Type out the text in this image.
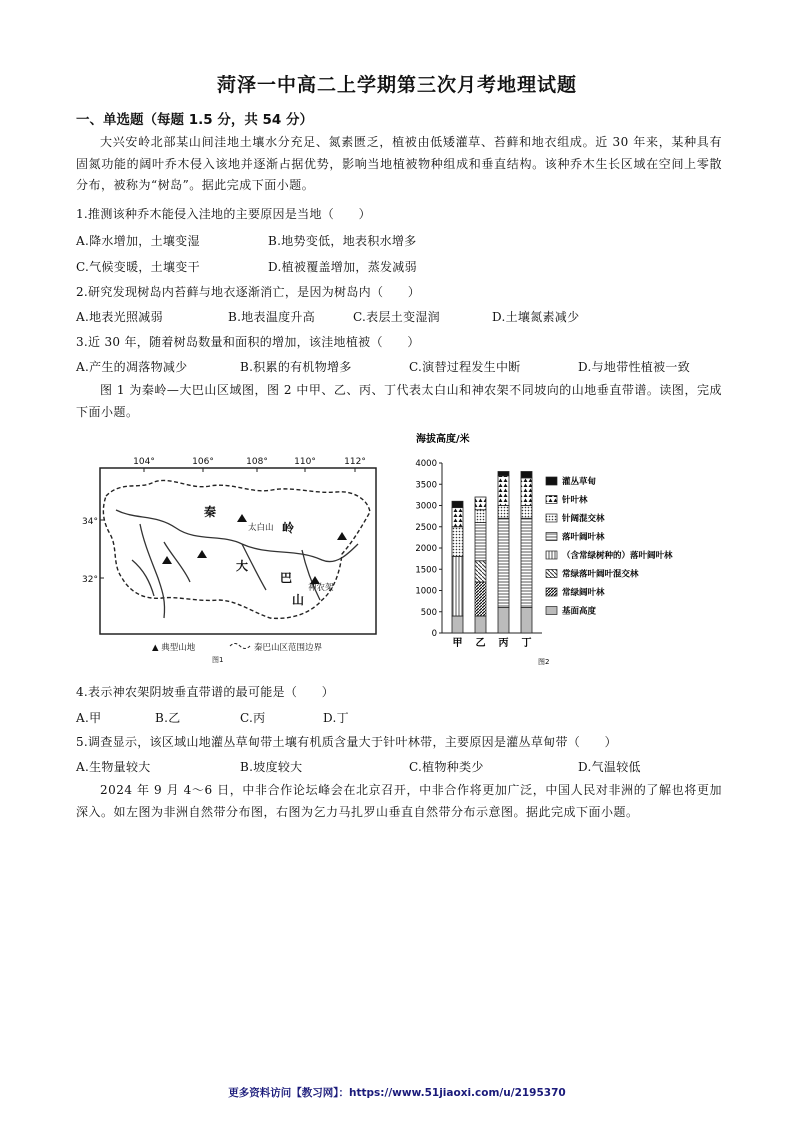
菏泽一中高二上学期第三次月考地理试题
一、单选题（每题 1.5 分，共 54 分）
大兴安岭北部某山间洼地土壤水分充足、氮素匮乏，植被由低矮灌草、苔藓和地衣组成。近 30 年来，某种具有固氮功能的阔叶乔木侵入该地并逐渐占据优势，影响当地植被物种组成和垂直结构。该种乔木生长区域在空间上零散分布，被称为“树岛”。据此完成下面小题。
1.推测该种乔木能侵入洼地的主要原因是当地（　　）
A.降水增加，土壤变湿	B.地势变低，地表积水增多
C.气候变暖，土壤变干	D.植被覆盖增加，蒸发减弱
2.研究发现树岛内苔藓与地衣逐渐消亡，是因为树岛内（　　）
A.地表光照减弱	B.地表温度升高	C.表层土变湿润	D.土壤氮素减少
3.近 30 年，随着树岛数量和面积的增加，该洼地植被（　　）
A.产生的凋落物减少	B.积累的有机物增多	C.演替过程发生中断	D.与地带性植被一致
图 1 为秦岭—大巴山区域图，图 2 中甲、乙、丙、丁代表太白山和神农架不同坡向的山地垂直带谱。读图，完成下面小题。
104°	106°	108°	110°	112°
34°
32°
秦
岭
大
巴
山
太白山
神农架
▲ 典型山地	秦巴山区范围边界
图1
海拔高度/米
0
500
1000
1500
2000
2500
3000
3500
4000
甲 乙 丙 丁
灌丛草甸
针叶林
针阔混交林
落叶阔叶林
（含常绿树种的）落叶阔叶林
常绿落叶阔叶混交林
常绿阔叶林
基面高度
图2
4.表示神农架阴坡垂直带谱的最可能是（　　）
A.甲	B.乙	C.丙	D.丁
5.调查显示，该区域山地灌丛草甸带土壤有机质含量大于针叶林带，主要原因是灌丛草甸带（　　）
A.生物量较大	B.坡度较大	C.植物种类少	D.气温较低
2024 年 9 月 4～6 日，中非合作论坛峰会在北京召开，中非合作将更加广泛，中国人民对非洲的了解也将更加深入。如左图为非洲自然带分布图，右图为乞力马扎罗山垂直自然带分布示意图。据此完成下面小题。
更多资料访问【教习网】：https://www.51jiaoxi.com/u/2195370
